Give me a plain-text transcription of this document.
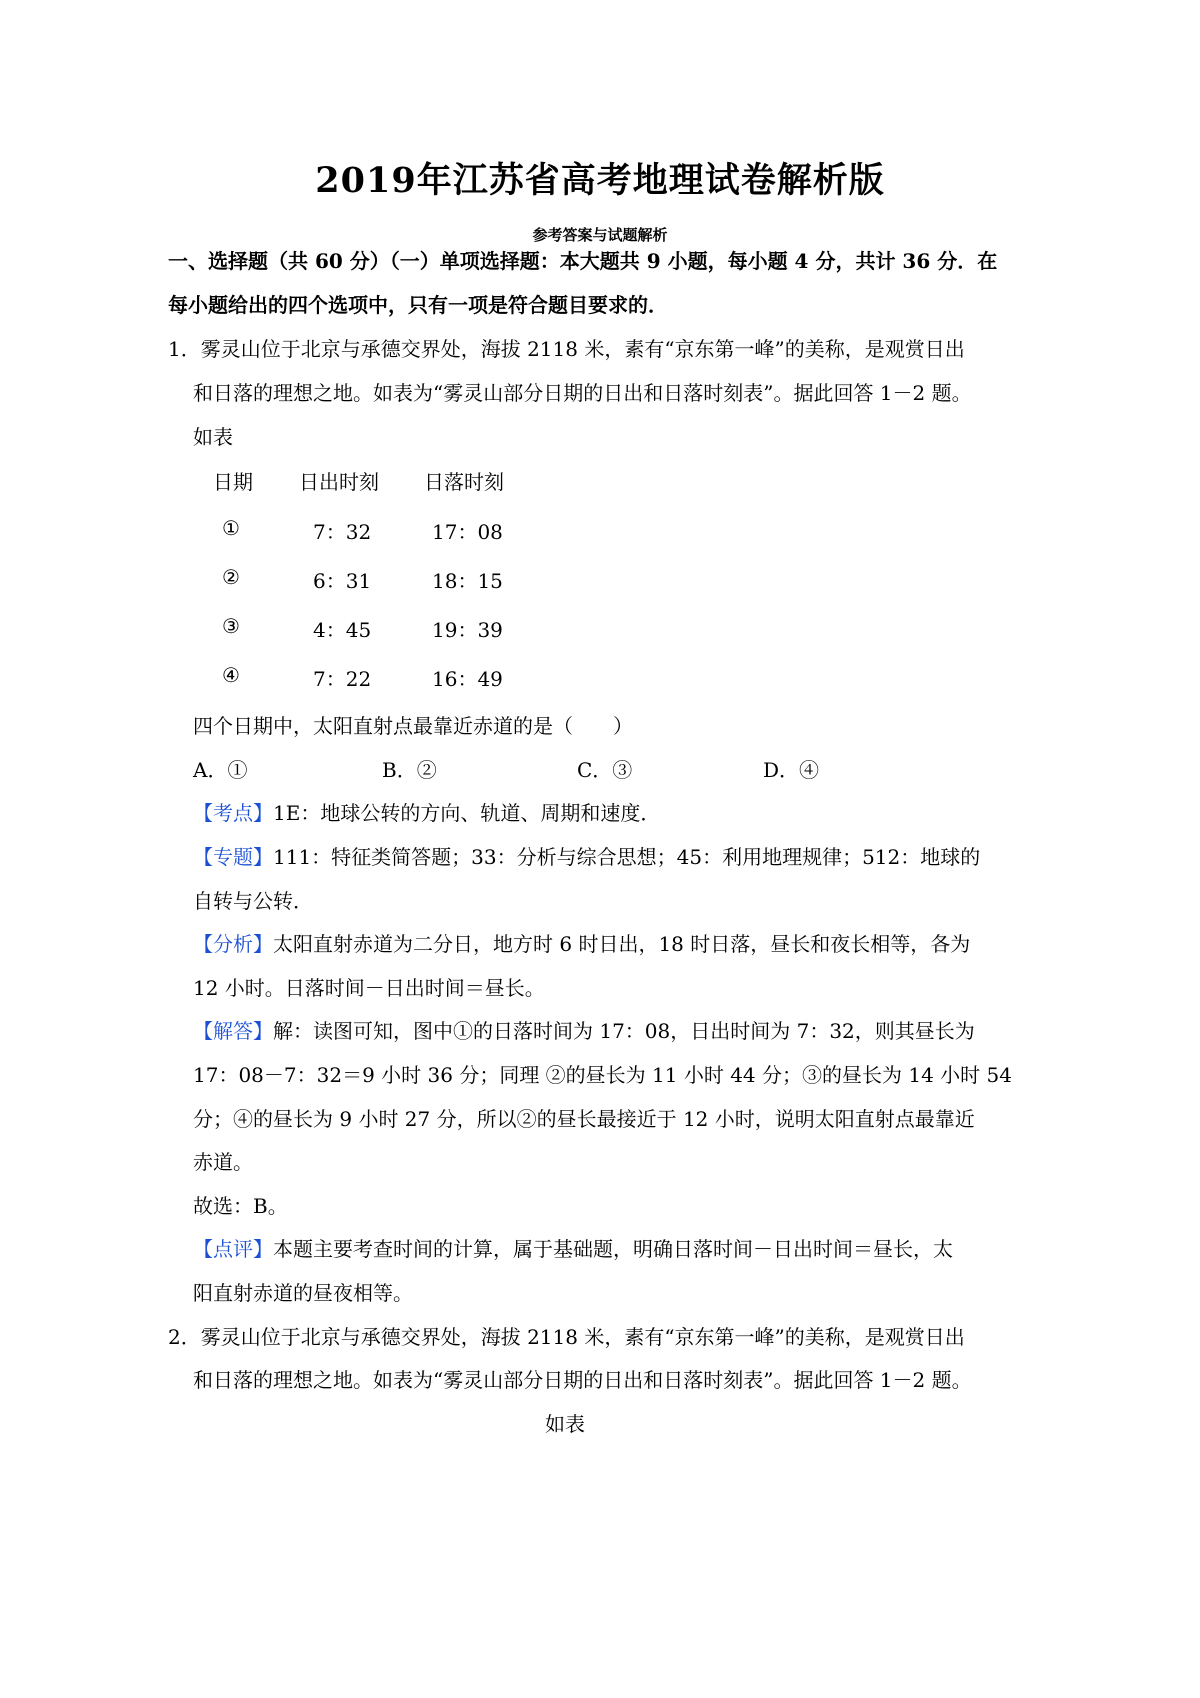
2019年江苏省高考地理试卷解析版
参考答案与试题解析
一、选择题（共 60 分）（一）单项选择题：本大题共 9 小题，每小题 4 分，共计 36 分．在
每小题给出的四个选项中，只有一项是符合题目要求的．
1．雾灵山位于北京与承德交界处，海拔 2118 米，素有“京东第一峰”的美称，是观赏日出
和日落的理想之地。如表为“雾灵山部分日期的日出和日落时刻表”。据此回答 1－2 题。
如表
日期 日出时刻 日落时刻
①	7：32	17：08
②	6：31	18：15
③	4：45	19：39
④	7：22	16：49
四个日期中，太阳直射点最靠近赤道的是（　　）
A．①	B．②	C．③	D．④
【考点】1E：地球公转的方向、轨道、周期和速度．
【专题】111：特征类简答题；33：分析与综合思想；45：利用地理规律；512：地球的
自转与公转．
【分析】太阳直射赤道为二分日，地方时 6 时日出，18 时日落，昼长和夜长相等，各为
12 小时。日落时间－日出时间＝昼长。
【解答】解：读图可知，图中①的日落时间为 17：08，日出时间为 7：32，则其昼长为
17：08－7：32＝9 小时 36 分；同理 ②的昼长为 11 小时 44 分；③的昼长为 14 小时 54
分；④的昼长为 9 小时 27 分，所以②的昼长最接近于 12 小时，说明太阳直射点最靠近
赤道。
故选：B。
【点评】本题主要考查时间的计算，属于基础题，明确日落时间－日出时间＝昼长，太
阳直射赤道的昼夜相等。
2．雾灵山位于北京与承德交界处，海拔 2118 米，素有“京东第一峰”的美称，是观赏日出
和日落的理想之地。如表为“雾灵山部分日期的日出和日落时刻表”。据此回答 1－2 题。
如表
